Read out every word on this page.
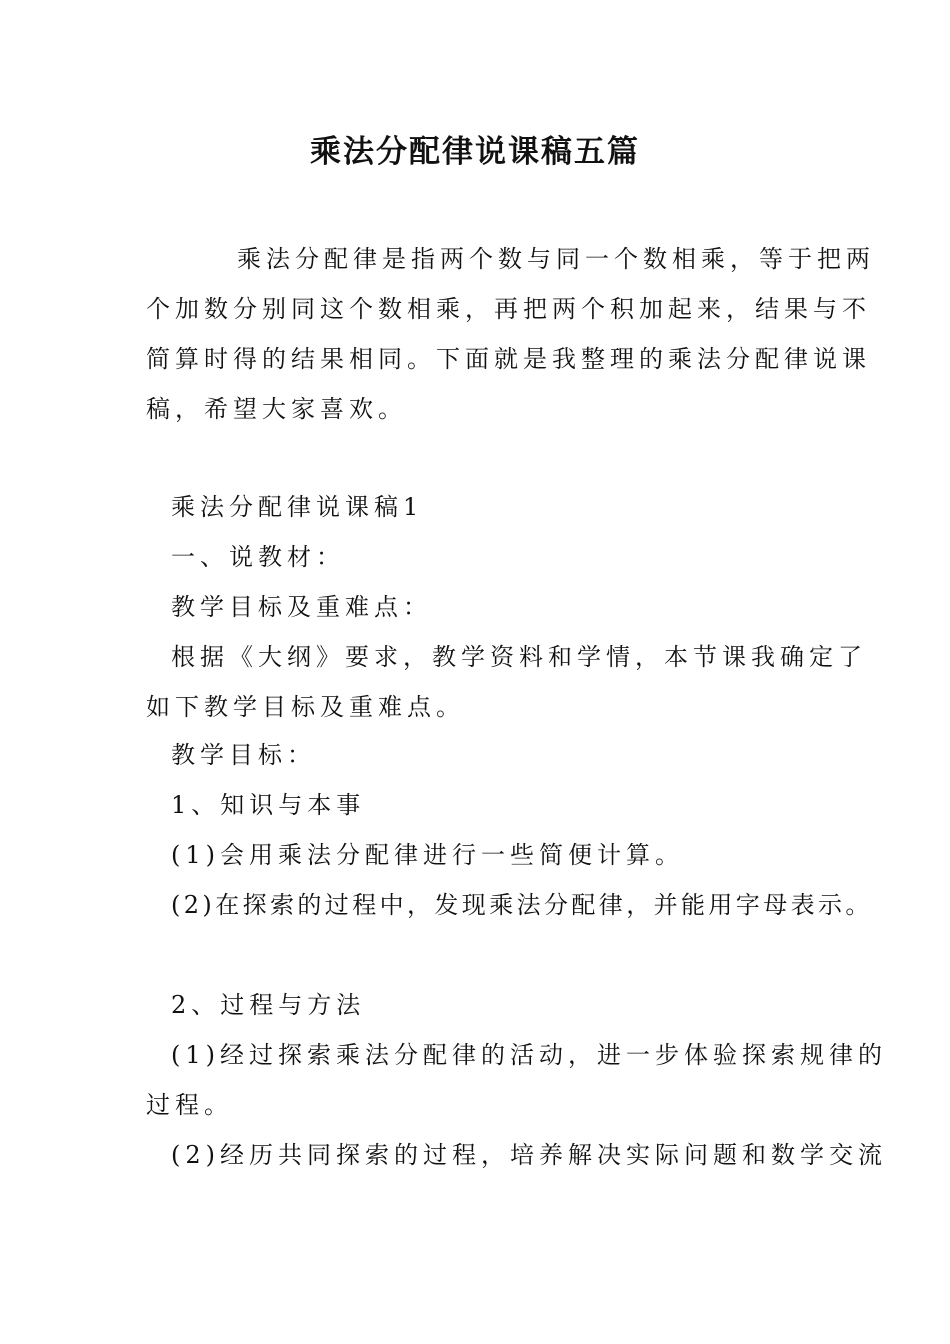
乘法分配律说课稿五篇
乘法分配律是指两个数与同一个数相乘，等于把两
个加数分别同这个数相乘，再把两个积加起来，结果与不
简算时得的结果相同。下面就是我整理的乘法分配律说课
稿，希望大家喜欢。
乘法分配律说课稿1
一、说教材：
教学目标及重难点：
根据《大纲》要求，教学资料和学情，本节课我确定了
如下教学目标及重难点。
教学目标：
1、知识与本事
(1)会用乘法分配律进行一些简便计算。
(2)在探索的过程中，发现乘法分配律，并能用字母表示。
2、过程与方法
(1)经过探索乘法分配律的活动，进一步体验探索规律的
过程。
(2)经历共同探索的过程，培养解决实际问题和数学交流
